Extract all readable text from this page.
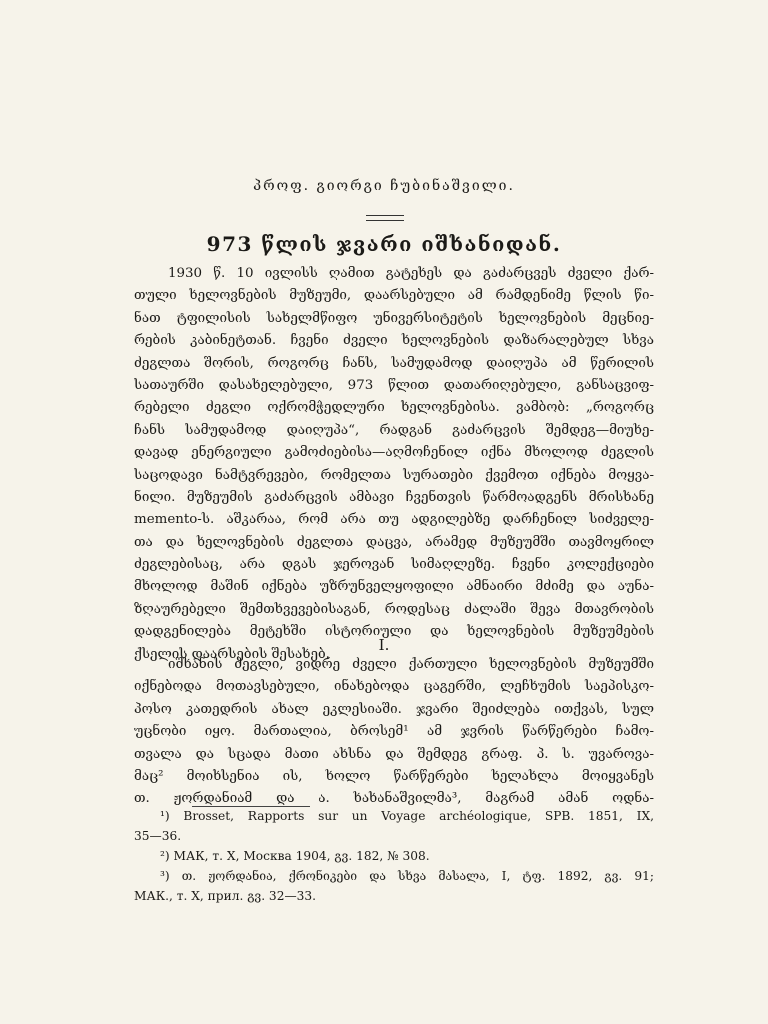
პროფ. გიორგი ჩუბინაშვილი.
973 წლის ჯვარი იშხანიდან.
1930 წ. 10 ივლისს ღამით გატეხეს და გაძარცვეს ძველი ქარ-
თული ხელოვნების მუზეუმი, დაარსებული ამ რამდენიმე წლის წი-
ნათ ტფილისის სახელმწიფო უნივერსიტეტის ხელოვნების მეცნიე-
რების კაბინეტთან. ჩვენი ძველი ხელოვნების დაზარალებულ სხვა
ძეგლთა შორის, როგორც ჩანს, სამუდამოდ დაიღუპა ამ წერილის
სათაურში დასახელებული, 973 წლით დათარიღებული, განსაცვიფ-
რებელი ძეგლი ოქრომჭედლური ხელოვნებისა. ვამბობ: „როგორც
ჩანს სამუდამოდ დაიღუპა“, რადგან გაძარცვის შემდეგ—მიუხე-
დავად ენერგიული გამოძიებისა—აღმოჩენილ იქნა მხოლოდ ძეგლის
საცოდავი ნამტვრევები, რომელთა სურათები ქვემოთ იქნება მოყვა-
ნილი. მუზეუმის გაძარცვის ამბავი ჩვენთვის წარმოადგენს მრისხანე
memento-ს. აშკარაა, რომ არა თუ ადგილებზე დარჩენილ სიძველე-
თა და ხელოვნების ძეგლთა დაცვა, არამედ მუზეუმში თავმოყრილ
ძეგლებისაც, არა დგას ჯეროვან სიმაღლეზე. ჩვენი კოლექციები
მხოლოდ მაშინ იქნება უზრუნველყოფილი ამნაირი მძიმე და აუნა-
ზღაურებელი შემთხვევებისაგან, როდესაც ძალაში შევა მთავრობის
დადგენილება მეტეხში ისტორიული და ხელოვნების მუზეუმების
ქსელის დაარსების შესახებ.
I.
იშხანის ძეგლი, ვიდრე ძველი ქართული ხელოვნების მუზეუმში
იქნებოდა მოთავსებული, ინახებოდა ცაგერში, ლეჩხუმის საეპისკო-
პოსო კათედრის ახალ ეკლესიაში. ჯვარი შეიძლება ითქვას, სულ
უცნობი იყო. მართალია, ბროსემ¹ ამ ჯვრის წარწერები ჩამო-
თვალა და სცადა მათი ახსნა და შემდეგ გრაფ. პ. ს. უვაროვა-
მაც² მოიხსენია ის, ხოლო წარწერები ხელახლა მოიყვანეს
თ. ჟორდანიამ და ა. ხახანაშვილმა³, მაგრამ ამან ოდნა-
¹) Brosset, Rapports sur un Voyage archéologique, SPB. 1851, IX,
35—36.
²) МАК, т. X, Москва 1904, გვ. 182, № 308.
³) თ. ჟორდანია, ქრონიკები და სხვა მასალა, I, ტფ. 1892, გვ. 91;
МАК., т. X, прил. გვ. 32—33.
